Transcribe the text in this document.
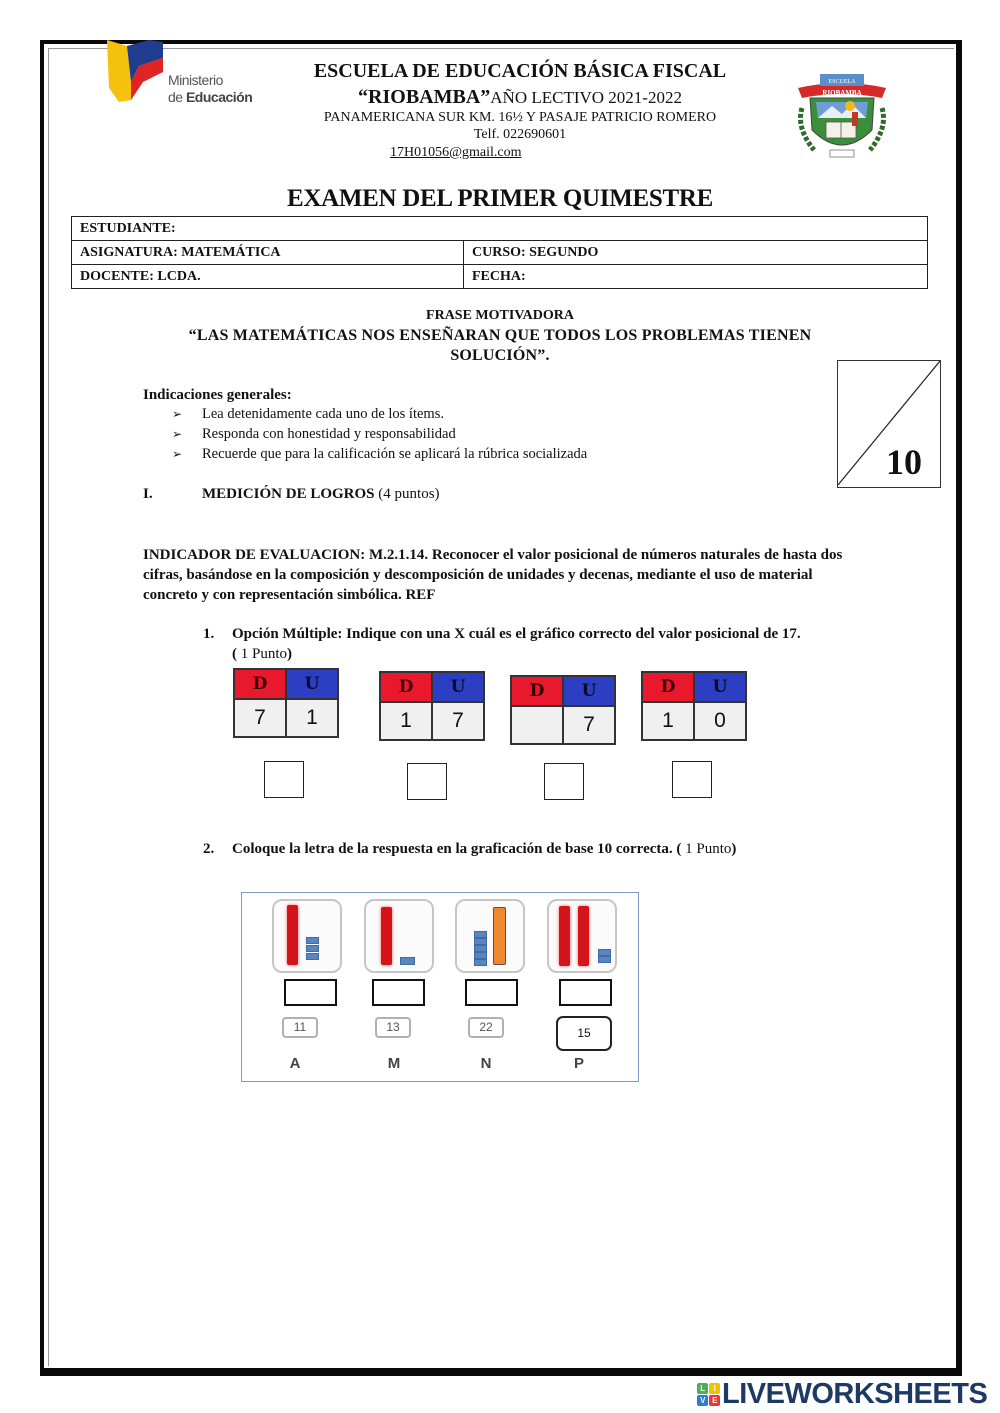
Ministerio
de Educación
ESCUELA DE EDUCACIÓN BÁSICA FISCAL
“RIOBAMBA”AÑO LECTIVO 2021-2022
PANAMERICANA SUR KM. 16½ Y PASAJE PATRICIO ROMERO
Telf. 022690601
17H01056@gmail.com
ESCUELA
RIOBAMBA
EXAMEN DEL PRIMER QUIMESTRE
ESTUDIANTE:	
ASIGNATURA: MATEMÁTICA	CURSO: SEGUNDO
DOCENTE: LCDA.	FECHA:
FRASE MOTIVADORA
“LAS MATEMÁTICAS NOS ENSEÑARAN QUE TODOS LOS PROBLEMAS TIENEN SOLUCIÓN”.
Indicaciones generales:
➢ Lea detenidamente cada uno de los ítems.
➢ Responda con honestidad y responsabilidad
➢ Recuerde que para la calificación se aplicará la rúbrica socializada	10
I.	MEDICIÓN DE LOGROS (4 puntos)
INDICADOR DE EVALUACION: M.2.1.14. Reconocer el valor posicional de números naturales de hasta dos cifras, basándose en la composición y descomposición de unidades y decenas, mediante el uso de material concreto y con representación simbólica. REF
1. Opción Múltiple: Indique con una X cuál es el gráfico correcto del valor posicional de 17. ( 1 Punto)
D	U
7	1
D	U
1	7
D	U
	7
D	U
1	0
2. Coloque la letra de la respuesta en la graficación de base 10 correcta. ( 1 Punto)
11	13	22	15
A	M	N	P
L	I
V E LIVEWORKSHEETS
